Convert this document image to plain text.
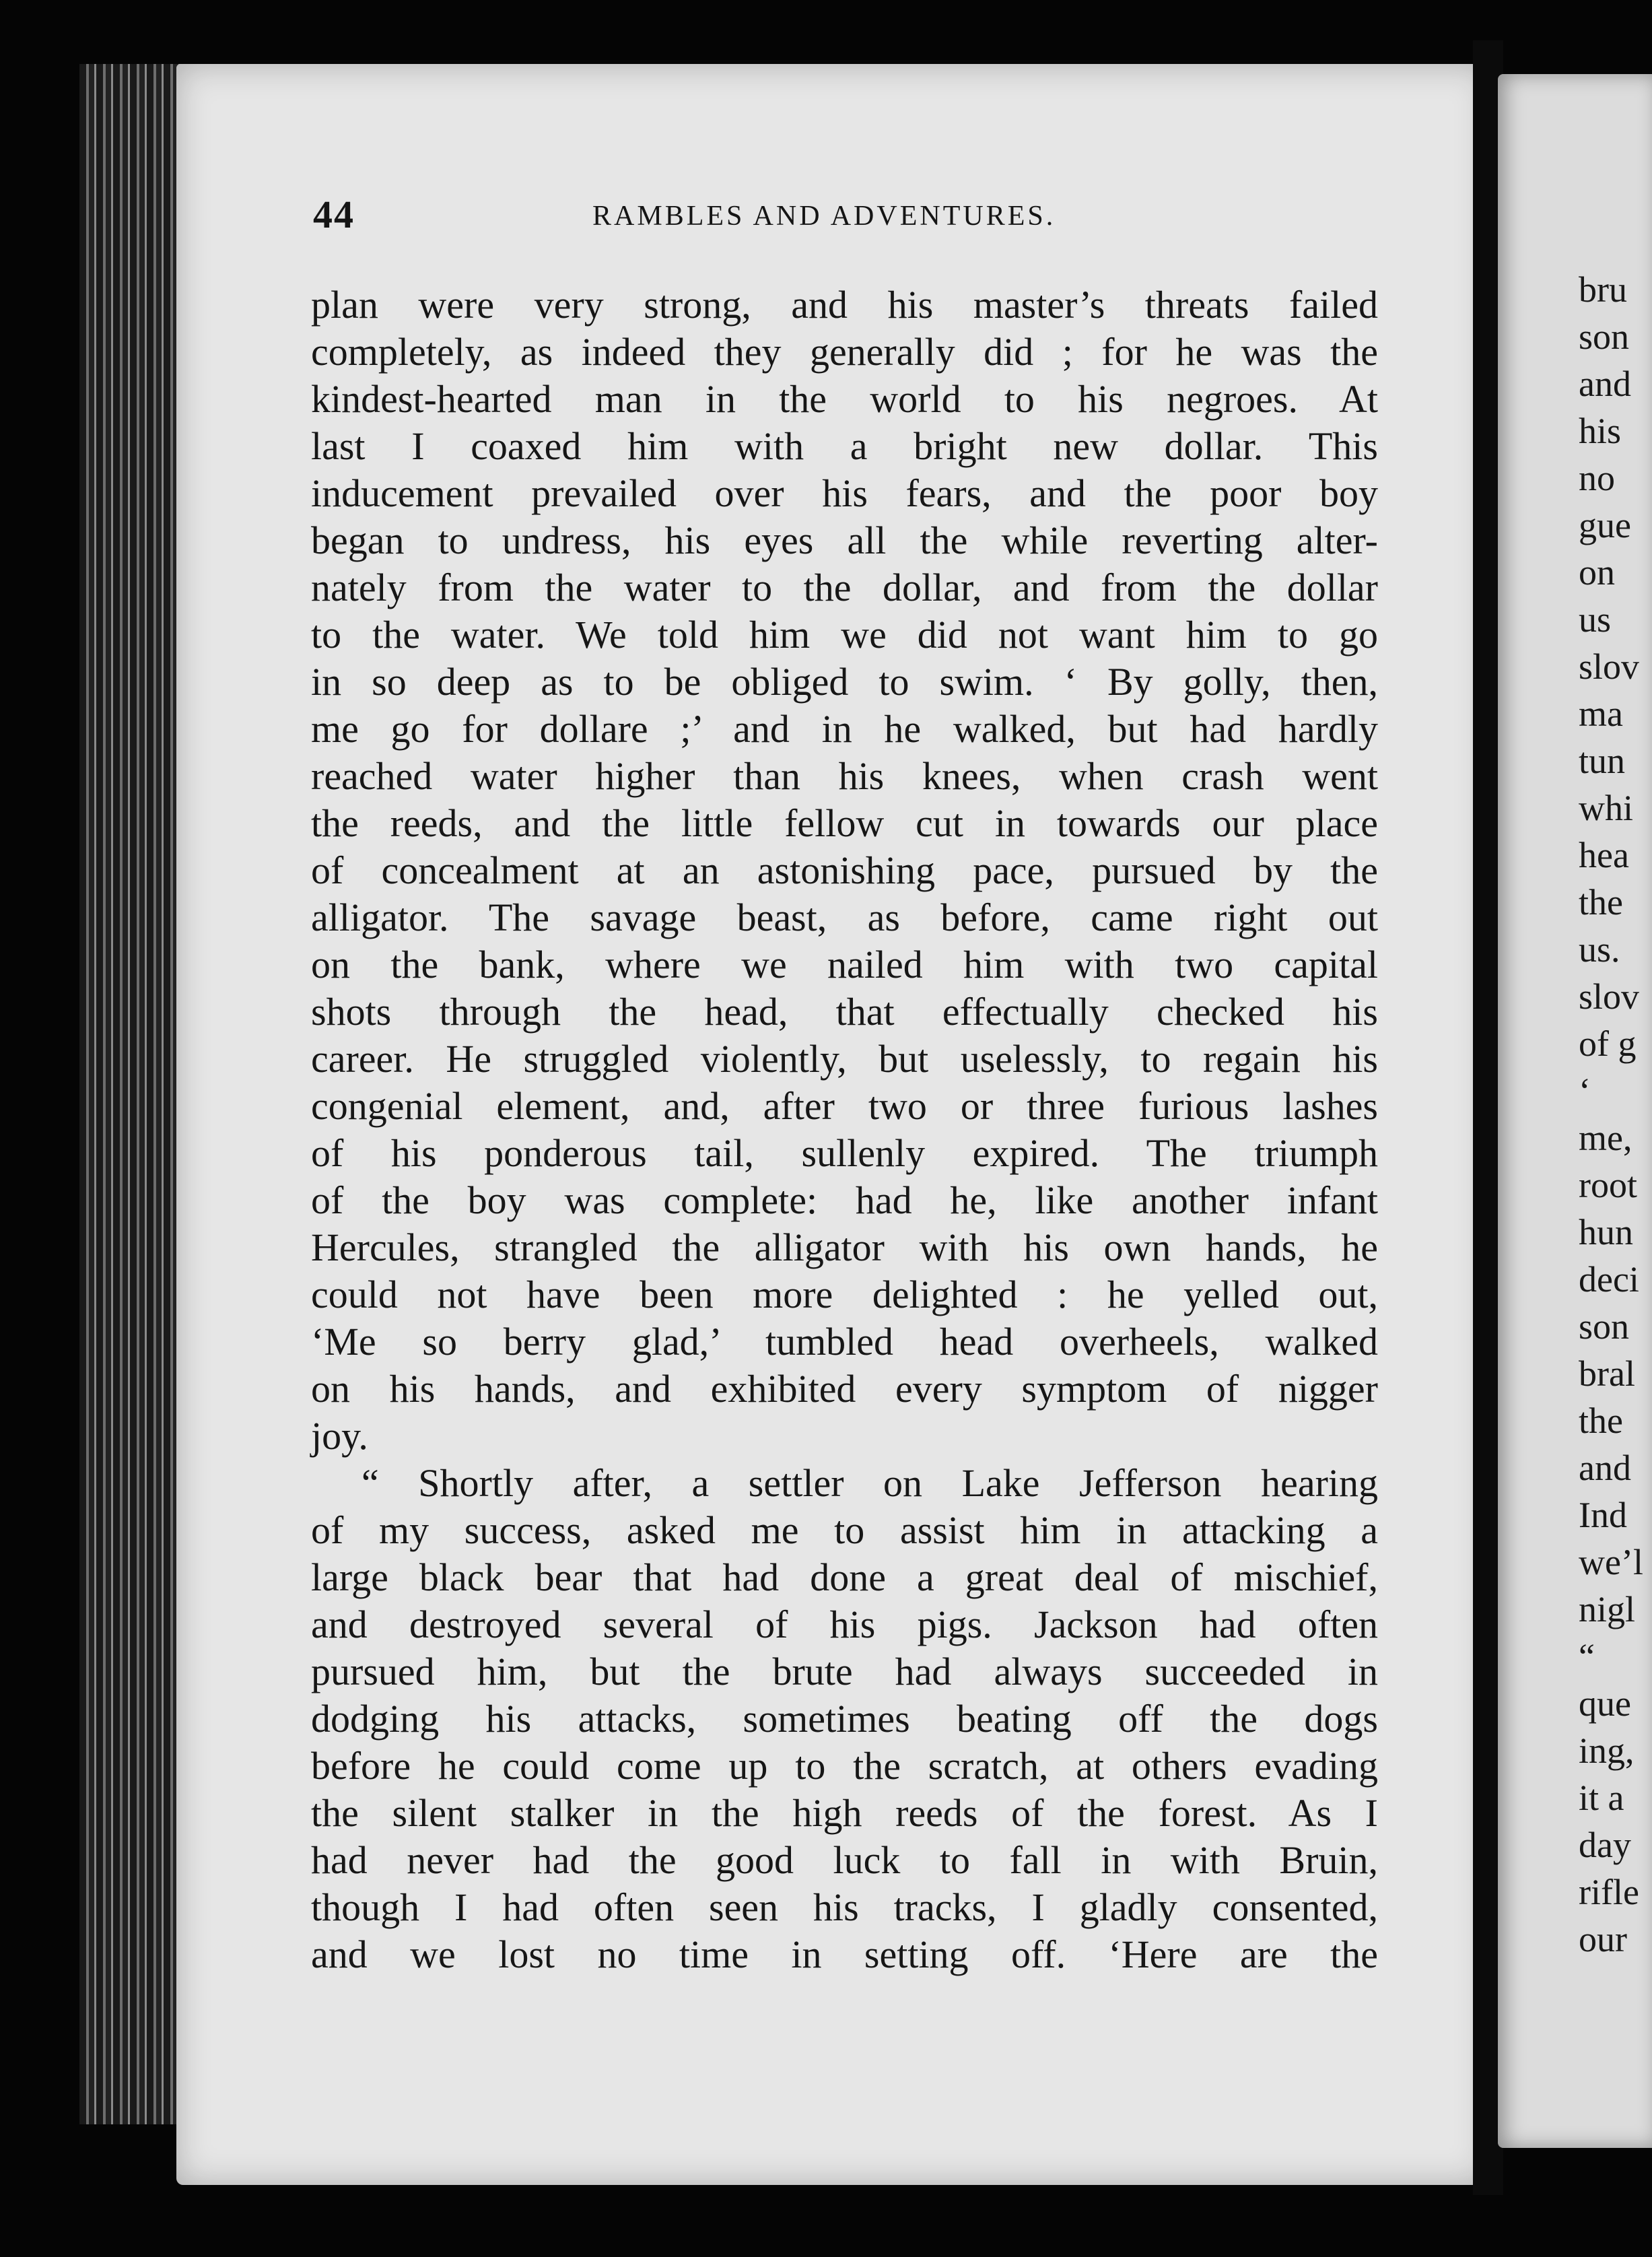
44	RAMBLES AND ADVENTURES.
plan were very strong, and his master’s threats failed
completely, as indeed they generally did ; for he was the
kindest-hearted man in the world to his negroes. At
last I coaxed him with a bright new dollar. This
inducement prevailed over his fears, and the poor boy
began to undress, his eyes all the while reverting alter-
nately from the water to the dollar, and from the dollar
to the water. We told him we did not want him to go
in so deep as to be obliged to swim. ‘ By golly, then,
me go for dollare ;’ and in he walked, but had hardly
reached water higher than his knees, when crash went
the reeds, and the little fellow cut in towards our place
of concealment at an astonishing pace, pursued by the
alligator. The savage beast, as before, came right out
on the bank, where we nailed him with two capital
shots through the head, that effectually checked his
career. He struggled violently, but uselessly, to regain his
congenial element, and, after two or three furious lashes
of his ponderous tail, sullenly expired. The triumph
of the boy was complete: had he, like another infant
Hercules, strangled the alligator with his own hands, he
could not have been more delighted : he yelled out,
‘Me so berry glad,’ tumbled head overheels, walked
on his hands, and exhibited every symptom of nigger
joy.
“ Shortly after, a settler on Lake Jefferson hearing
of my success, asked me to assist him in attacking a
large black bear that had done a great deal of mischief,
and destroyed several of his pigs. Jackson had often
pursued him, but the brute had always succeeded in
dodging his attacks, sometimes beating off the dogs
before he could come up to the scratch, at others evading
the silent stalker in the high reeds of the forest. As I
had never had the good luck to fall in with Bruin,
though I had often seen his tracks, I gladly consented,
and we lost no time in setting off. ‘Here are the
bru
son
and
his
no
gue
on
us
slov
ma
tun
whi
hea
the
us.
slov
of g
‘
me,
root
hun
deci
son
bral
the
and
Ind
we’l
nigl
“
que
ing,
it a
day
rifle
our
